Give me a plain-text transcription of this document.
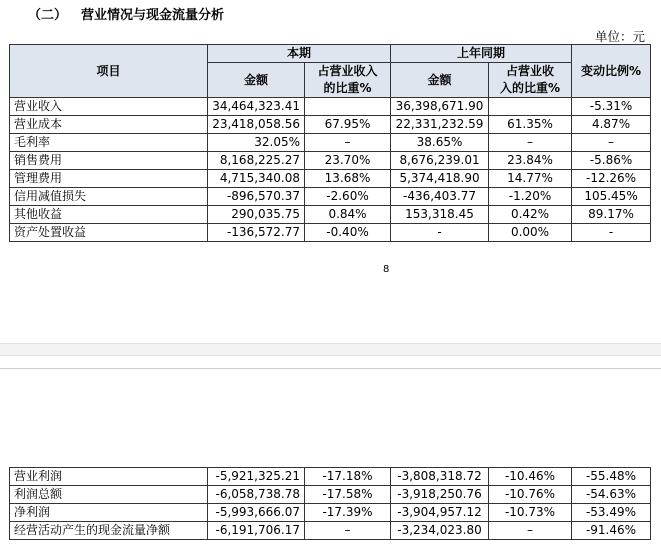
（二） 营业情况与现金流量分析
单位：元
项目	本期		上年同期		变动比例%
	金额	占营业收入	金额	占营业收	
		的比重%		入的比重%	
营业收入	34,464,323.41		36,398,671.90		-5.31%
营业成本	23,418,058.56	67.95%	22,331,232.59	61.35%	4.87%
毛利率	32.05%	–	38.65%	–	–
销售费用	8,168,225.27	23.70%	8,676,239.01	23.84%	-5.86%
管理费用	4,715,340.08	13.68%	5,374,418.90	14.77%	-12.26%
信用减值损失	-896,570.37	-2.60%	-436,403.77	-1.20%	105.45%
其他收益	290,035.75	0.84%	153,318.45	0.42%	89.17%
资产处置收益	-136,572.77	-0.40%	-	0.00%	-
8
营业利润	-5,921,325.21	-17.18%	-3,808,318.72	-10.46%	-55.48%
利润总额	-6,058,738.78	-17.58%	-3,918,250.76	-10.76%	-54.63%
净利润	-5,993,666.07	-17.39%	-3,904,957.12	-10.73%	-53.49%
经营活动产生的现金流量净额	-6,191,706.17	–	-3,234,023.80	–	-91.46%
